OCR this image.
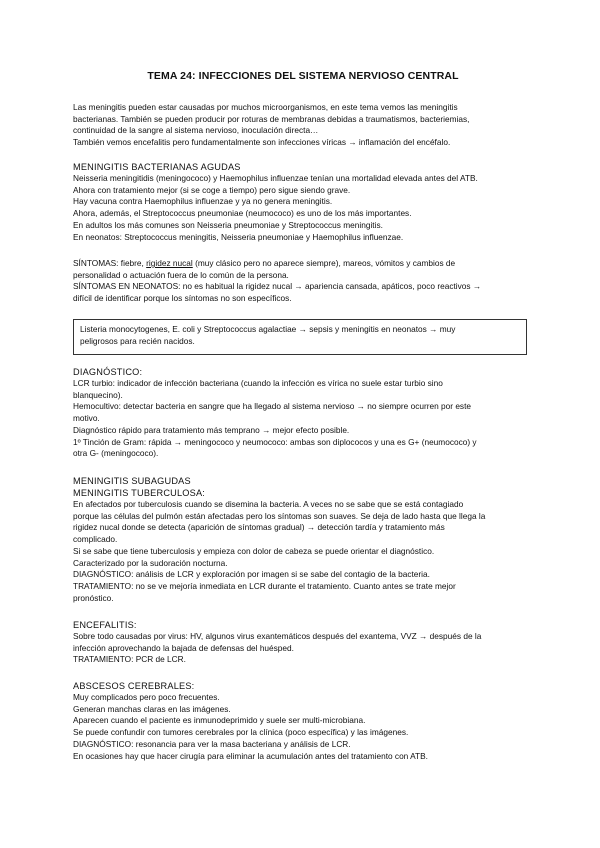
TEMA 24: INFECCIONES DEL SISTEMA NERVIOSO CENTRAL

Las meningitis pueden estar causadas por muchos microorganismos, en este tema vemos las meningitis

bacterianas. También se pueden producir por roturas de membranas debidas a traumatismos, bacteriemias,

continuidad de la sangre al sistema nervioso, inoculación directa…

También vemos encefalitis pero fundamentalmente son infecciones víricas → inflamación del encéfalo.

MENINGITIS BACTERIANAS AGUDAS

Neisseria meningitidis (meningococo) y Haemophilus influenzae tenían una mortalidad elevada antes del ATB.

Ahora con tratamiento mejor (si se coge a tiempo) pero sigue siendo grave.

Hay vacuna contra Haemophilus influenzae y ya no genera meningitis.

Ahora, además, el Streptococcus pneumoniae (neumococo) es uno de los más importantes.

En adultos los más comunes son Neisseria pneumoniae y Streptococcus meningitis.

En neonatos: Streptococcus meningitis, Neisseria pneumoniae y Haemophilus influenzae.

SÍNTOMAS: fiebre, rigidez nucal (muy clásico pero no aparece siempre), mareos, vómitos y cambios de

personalidad o actuación fuera de lo común de la persona.

SÍNTOMAS EN NEONATOS: no es habitual la rigidez nucal → apariencia cansada, apáticos, poco reactivos →

difícil de identificar porque los síntomas no son específicos.

Listeria monocytogenes, E. coli y Streptococcus agalactiae → sepsis y meningitis en neonatos → muy

peligrosos para recién nacidos.

DIAGNÓSTICO:

LCR turbio: indicador de infección bacteriana (cuando la infección es vírica no suele estar turbio sino

blanquecino).

Hemocultivo: detectar bacteria en sangre que ha llegado al sistema nervioso → no siempre ocurren por este

motivo.

Diagnóstico rápido para tratamiento más temprano → mejor efecto posible.

1º Tinción de Gram: rápida → meningococo y neumococo: ambas son diplococos y una es G+ (neumococo) y

otra G- (meningococo).

MENINGITIS SUBAGUDAS

MENINGITIS TUBERCULOSA:

En afectados por tuberculosis cuando se disemina la bacteria. A veces no se sabe que se está contagiado

porque las células del pulmón están afectadas pero los síntomas son suaves. Se deja de lado hasta que llega la

rigidez nucal donde se detecta (aparición de síntomas gradual) → detección tardía y tratamiento más

complicado.

Si se sabe que tiene tuberculosis y empieza con dolor de cabeza se puede orientar el diagnóstico.

Caracterizado por la sudoración nocturna.

DIAGNÓSTICO: análisis de LCR y exploración por imagen si se sabe del contagio de la bacteria.

TRATAMIENTO: no se ve mejoría inmediata en LCR durante el tratamiento. Cuanto antes se trate mejor

pronóstico.

ENCEFALITIS:

Sobre todo causadas por virus: HV, algunos virus exantemáticos después del exantema, VVZ → después de la

infección aprovechando la bajada de defensas del huésped.

TRATAMIENTO: PCR de LCR.

ABSCESOS CEREBRALES:

Muy complicados pero poco frecuentes.

Generan manchas claras en las imágenes.

Aparecen cuando el paciente es inmunodeprimido y suele ser multi-microbiana.

Se puede confundir con tumores cerebrales por la clínica (poco específica) y las imágenes.

DIAGNÓSTICO: resonancia para ver la masa bacteriana y análisis de LCR.

En ocasiones hay que hacer cirugía para eliminar la acumulación antes del tratamiento con ATB.
